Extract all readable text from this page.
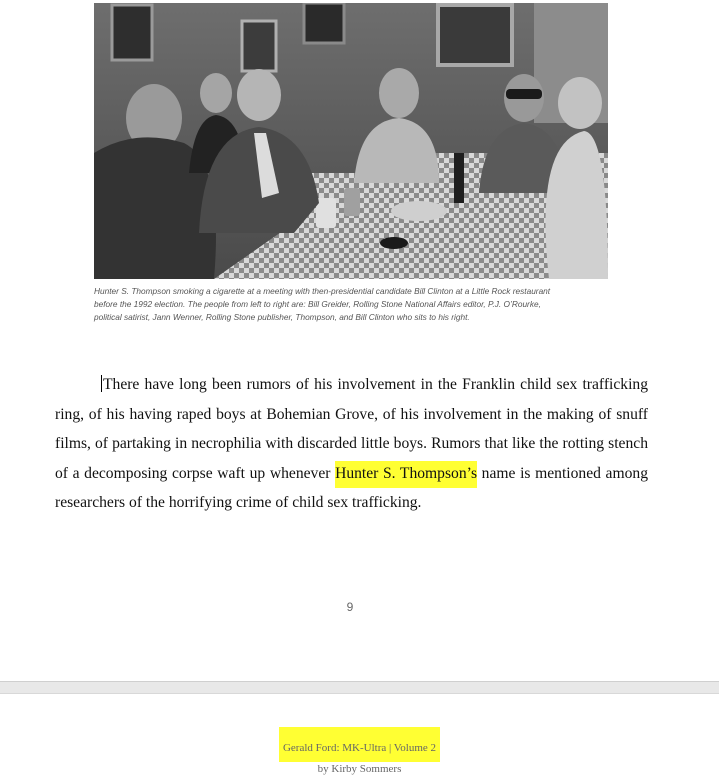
Hunter S. Thompson smoking a cigarette at a meeting with then-presidential candidate Bill Clinton at a Little Rock restaurant
before the 1992 election. The people from left to right are: Bill Greider, Rolling Stone National Affairs editor, P.J. O’Rourke,
political satirist, Jann Wenner, Rolling Stone publisher, Thompson, and Bill Clinton who sits to his right.

There have long been rumors of his involvement in the Franklin child sex trafficking ring, of his having raped boys at Bohemian Grove, of his involvement in the making of snuff films, of partaking in necrophilia with discarded little boys. Rumors that like the rotting stench of a decomposing corpse waft up whenever Hunter S. Thompson’s name is mentioned among researchers of the horrifying crime of child sex trafficking.

9
Gerald Ford: MK-Ultra | Volume 2
by Kirby Sommers
